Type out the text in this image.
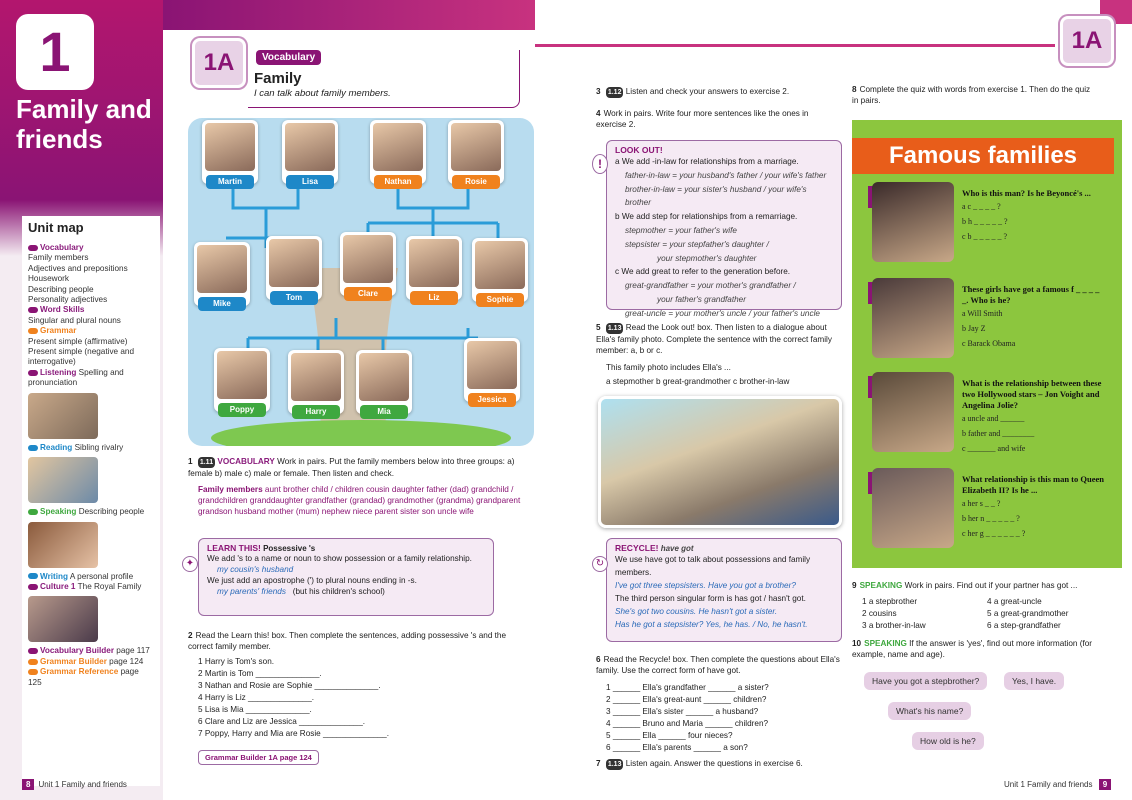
1
Family and friends
Unit map
Vocabulary
Family members
Adjectives and prepositions
Housework
Describing people
Personality adjectives
Word Skills
Singular and plural nouns
Grammar
Present simple (affirmative)
Present simple (negative and interrogative)
Listening Spelling and pronunciation
Reading Sibling rivalry
Speaking Describing people
Writing A personal profile
Culture 1 The Royal Family
Vocabulary Builder page 117
Grammar Builder page 124
Grammar Reference page 125
1A	Vocabulary
Family
I can talk about family members.
Martin	Lisa	Nathan	Rosie
Mike
Tom	Clare	Liz	Sophie
Poppy	Harry	Mia
Jessica
1 1.11 VOCABULARY Work in pairs. Put the family members below into three groups: a) female b) male c) male or female. Then listen and check.
Family members aunt brother child / children cousin daughter father (dad) grandchild / grandchildren granddaughter grandfather (grandad) grandmother (grandma) grandparent grandson husband mother (mum) nephew niece parent sister son uncle wife
LEARN THIS! Possessive 's
We add 's to a name or noun to show possession or a family relationship.
my cousin's husband
We just add an apostrophe (') to plural nouns ending in -s.
my parents' friends (but his children's school)
✦
2 Read the Learn this! box. Then complete the sentences, adding possessive 's and the correct family member.
1 Harry is Tom's son.
2 Martin is Tom ______________.
3 Nathan and Rosie are Sophie ______________.
4 Harry is Liz ______________.
5 Lisa is Mia ______________.
6 Clare and Liz are Jessica ______________.
7 Poppy, Harry and Mia are Rosie ______________.
Grammar Builder 1A page 124
8 Unit 1 Family and friends
1A
3 1.12 Listen and check your answers to exercise 2.
4 Work in pairs. Write four more sentences like the ones in exercise 2.
LOOK OUT!
a We add -in-law for relationships from a marriage.
father-in-law = your husband's father / your wife's father
brother-in-law = your sister's husband / your wife's brother
b We add step for relationships from a remarriage.
stepmother = your father's wife
stepsister = your stepfather's daughter /
your stepmother's daughter
c We add great to refer to the generation before.
great-grandfather = your mother's grandfather /
your father's grandfather
great-uncle = your mother's uncle / your father's uncle
!
5 1.13 Read the Look out! box. Then listen to a dialogue about Ella's family photo. Complete the sentence with the correct family member: a, b or c.
This family photo includes Ella's ...
a stepmother b great-grandmother c brother-in-law
RECYCLE! have got
We use have got to talk about possessions and family members.
I've got three stepsisters. Have you got a brother?
The third person singular form is has got / hasn't got.
She's got two cousins. He hasn't got a sister.
Has he got a stepsister? Yes, he has. / No, he hasn't.
↻
6 Read the Recycle! box. Then complete the questions about Ella's family. Use the correct form of have got.
1 ______ Ella's grandfather ______ a sister?
2 ______ Ella's great-aunt ______ children?
3 ______ Ella's sister ______ a husband?
4 ______ Bruno and Maria ______ children?
5 ______ Ella ______ four nieces?
6 ______ Ella's parents ______ a son?
7 1.13 Listen again. Answer the questions in exercise 6.
8 Complete the quiz with words from exercise 1. Then do the quiz in pairs.
Famous families
Who is this man? Is he Beyoncé's ...
a c _ _ _ _ ?
b h _ _ _ _ _ ?
c b _ _ _ _ _ ?
These girls have got a famous f _ _ _ _ _. Who is he?
a Will Smith
b Jay Z
c Barack Obama
What is the relationship between these two Hollywood stars – Jon Voight and Angelina Jolie?
a uncle and ______
b father and ________
c _______ and wife
What relationship is this man to Queen Elizabeth II? Is he ...
a her s _ _ ?
b her n _ _ _ _ _ ?
c her g _ _ _ _ _ _ ?
9 SPEAKING Work in pairs. Find out if your partner has got ...
1 a stepbrother
2 cousins
3 a brother-in-law
4 a great-uncle
5 a great-grandmother
6 a step-grandfather
10 SPEAKING If the answer is 'yes', find out more information (for example, name and age).
Have you got a stepbrother?	Yes, I have.
What's his name?
How old is he?
Unit 1 Family and friends 9
